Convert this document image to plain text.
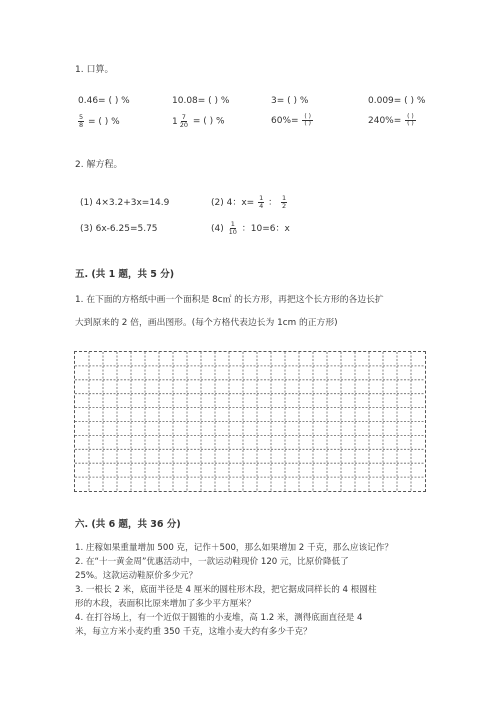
1. 口算。
0.46= ( ) %	10.08= ( ) %	3= ( ) %	0.009= ( ) %
$\frac{5}{8}$ = ( ) %	$1 \frac{7}{20}$ = ( ) %	$60\%= \frac{( )}{( )}$	$240\%= \frac{( )}{( )}$
2. 解方程。
(1) 4×3.2+3x=14.9	(2) 4：$x= \frac{1}{4}$ ： $\frac{1}{2}$
(3) 6x-6.25=5.75	$(4) \frac{1}{10}$ ：10=6：x
五. (共 1 题，共 5 分)
1. 在下面的方格纸中画一个面积是 8c㎡ 的长方形，再把这个长方形的各边长扩
大到原来的 2 倍，画出图形。(每个方格代表边长为 1cm 的正方形)
六. (共 6 题，共 36 分)
1. 庄稼如果重量增加 500 克，记作＋500，那么如果增加 2 千克，那么应该记作？
2. 在“十一黄金周”优惠活动中，一款运动鞋现价 120 元，比原价降低了
25%。这款运动鞋原价多少元？
3. 一根长 2 米，底面半径是 4 厘米的圆柱形木段，把它据成同样长的 4 根圆柱
形的木段，表面积比原来增加了多少平方厘米？
4. 在打谷场上，有一个近似于圆锥的小麦堆，高 1.2 米，测得底面直径是 4
米，每立方米小麦约重 350 千克，这堆小麦大约有多少千克？
